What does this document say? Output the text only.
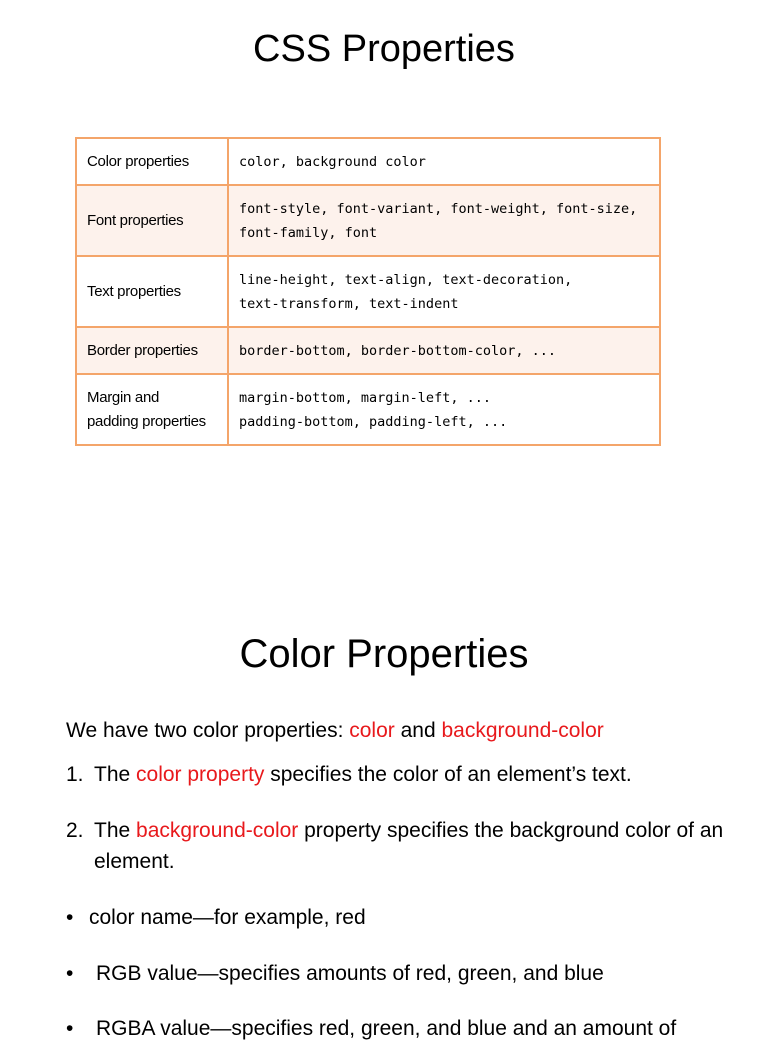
CSS Properties
Color properties	color, background color
Font properties	font-style, font-variant, font-weight, font-size,
font-family, font
Text properties	line-height, text-align, text-decoration,
text-transform, text-indent
Border properties	border-bottom, border-bottom-color, ...
Margin and
padding properties	margin-bottom, margin-left, ...
padding-bottom, padding-left, ...
Color Properties
We have two color properties: color and background-color
1. The color property specifies the color of an element’s text.
2. The background-color property specifies the background color of an element.
• color name—for example, red
• RGB value—specifies amounts of red, green, and blue
• RGBA value—specifies red, green, and blue and an amount of
